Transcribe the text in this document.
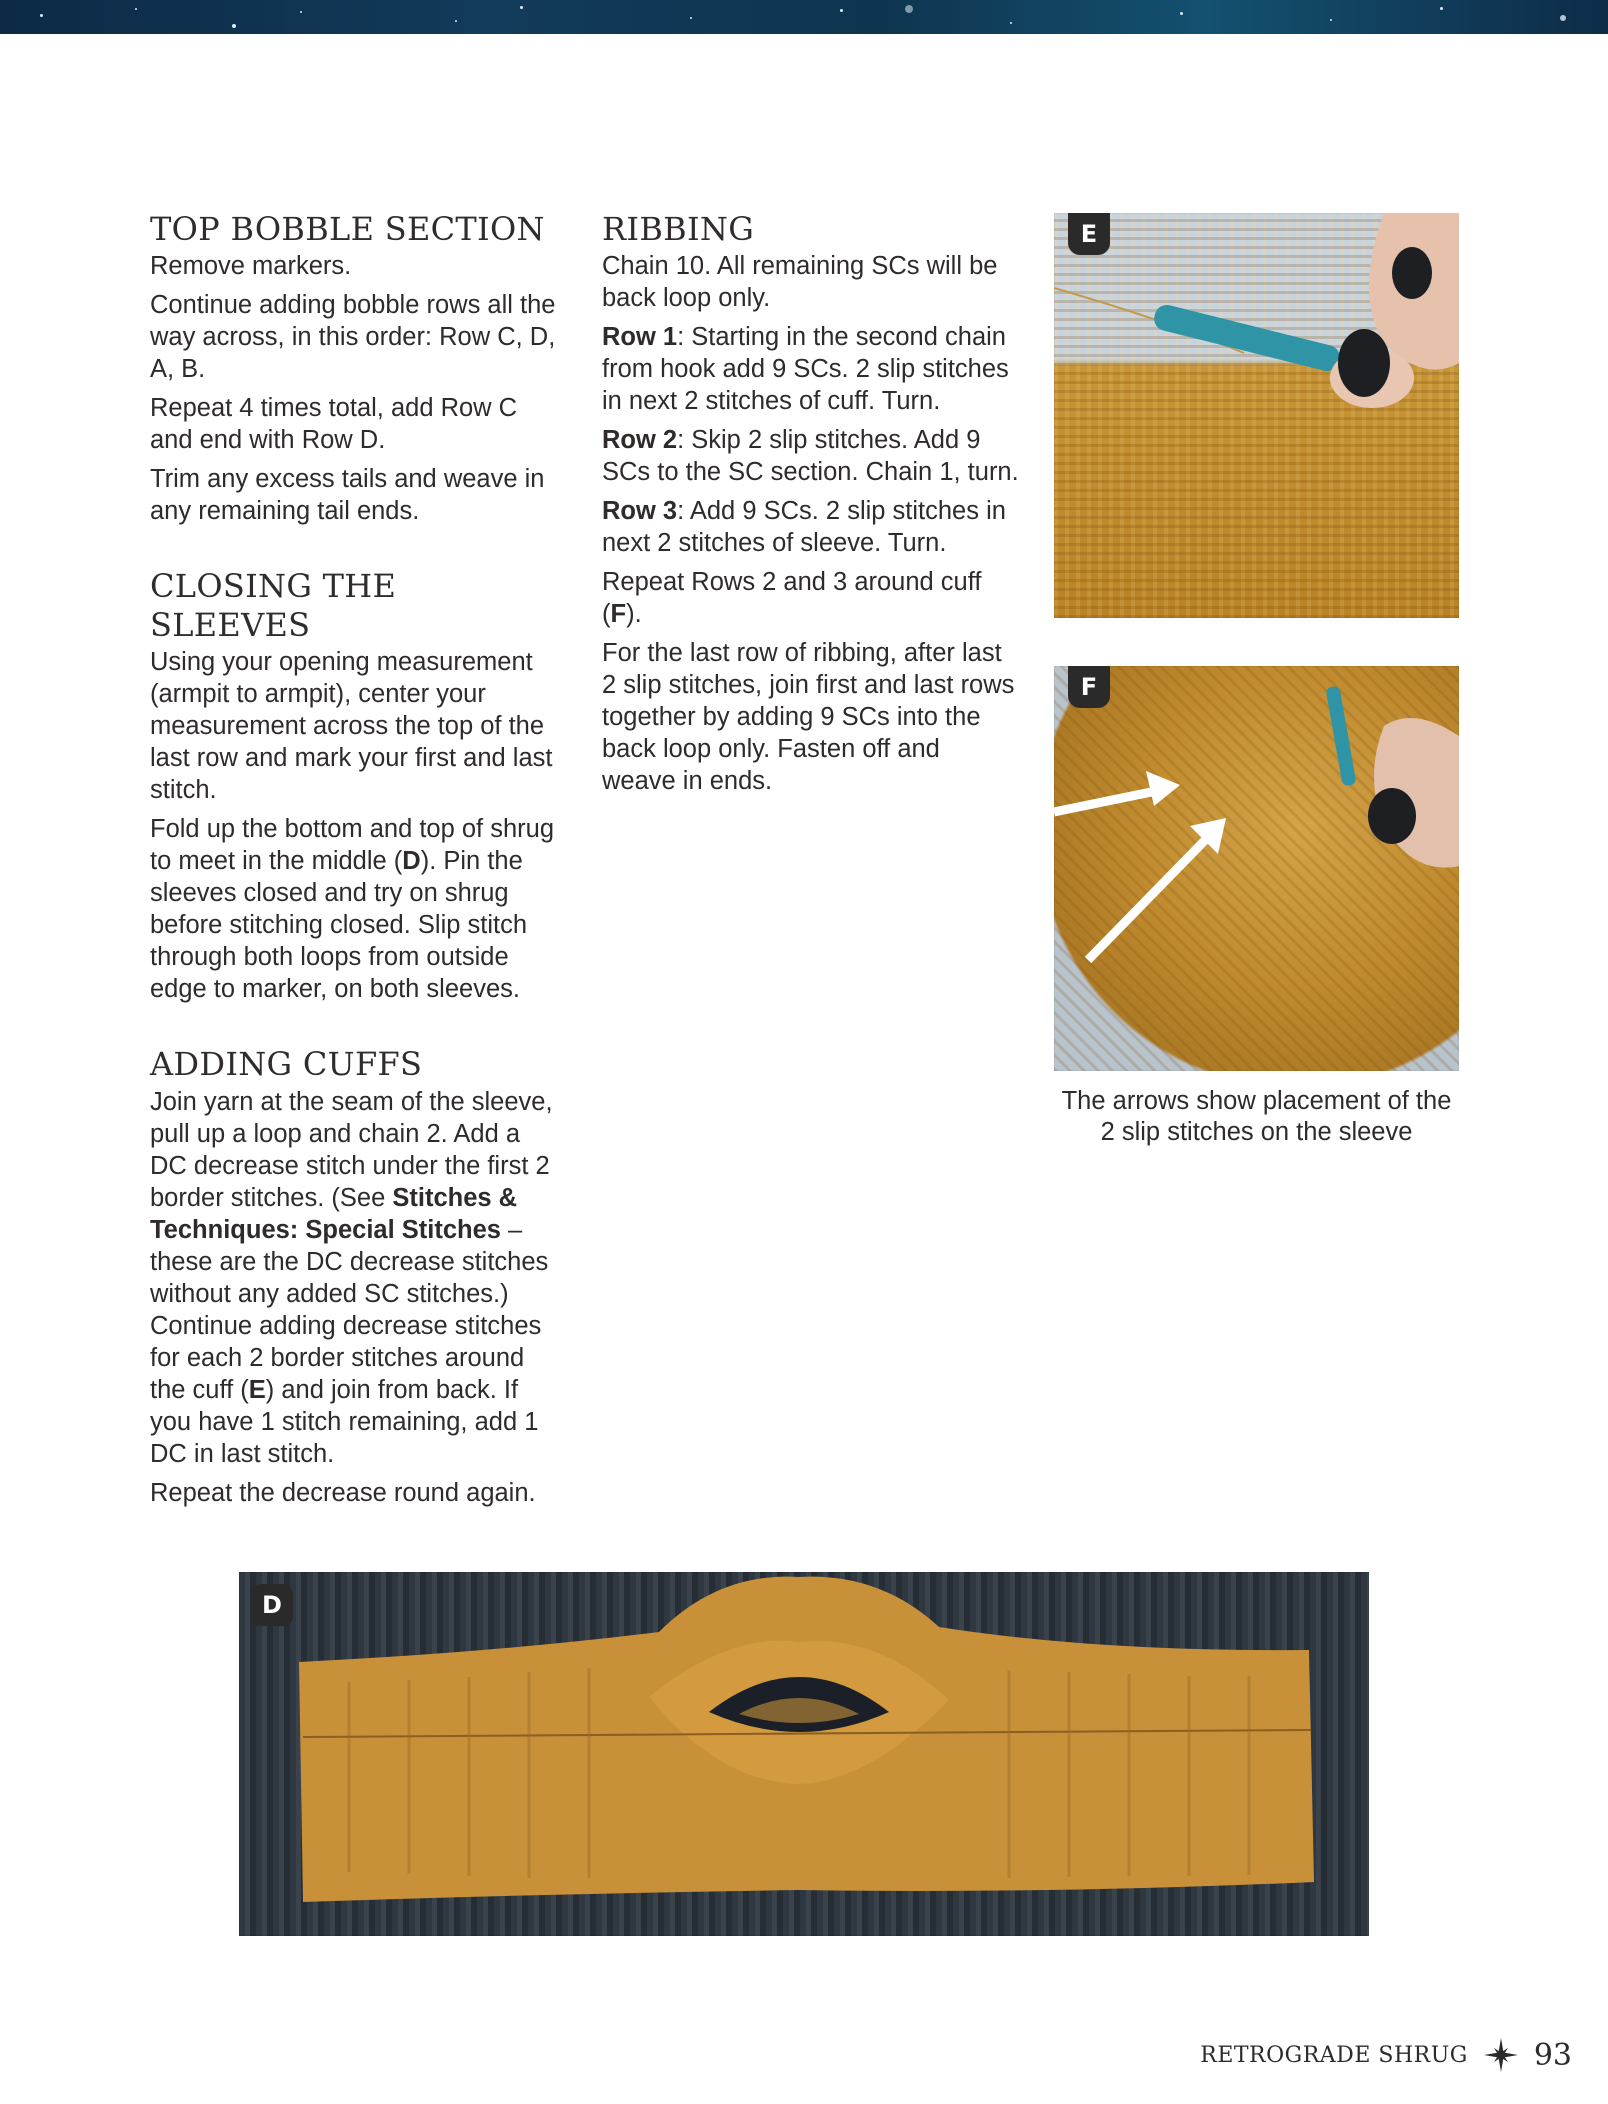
TOP BOBBLE SECTION

Remove markers.

Continue adding bobble rows all the way across, in this order: Row C, D, A, B.

Repeat 4 times total, add Row C and end with Row D.

Trim any excess tails and weave in any remaining tail ends.

CLOSING THE SLEEVES

Using your opening measurement (armpit to armpit), center your measurement across the top of the last row and mark your first and last stitch.

Fold up the bottom and top of shrug to meet in the middle (D). Pin the sleeves closed and try on shrug before stitching closed. Slip stitch through both loops from outside edge to marker, on both sleeves.

ADDING CUFFS

Join yarn at the seam of the sleeve, pull up a loop and chain 2. Add a DC decrease stitch under the first 2 border stitches. (See Stitches & Techniques: Special Stitches – these are the DC decrease stitches without any added SC stitches.) Continue adding decrease stitches for each 2 border stitches around the cuff (E) and join from back. If you have 1 stitch remaining, add 1 DC in last stitch.

Repeat the decrease round again.

RIBBING

Chain 10. All remaining SCs will be back loop only.

Row 1: Starting in the second chain from hook add 9 SCs. 2 slip stitches in next 2 stitches of cuff. Turn.

Row 2: Skip 2 slip stitches. Add 9 SCs to the SC section. Chain 1, turn.

Row 3: Add 9 SCs. 2 slip stitches in next 2 stitches of sleeve. Turn.

Repeat Rows 2 and 3 around cuff (F).

For the last row of ribbing, after last 2 slip stitches, join first and last rows together by adding 9 SCs into the back loop only. Fasten off and weave in ends.

E
F
The arrows show placement of the 2 slip stitches on the sleeve
D
RETROGRADE SHRUG 93
